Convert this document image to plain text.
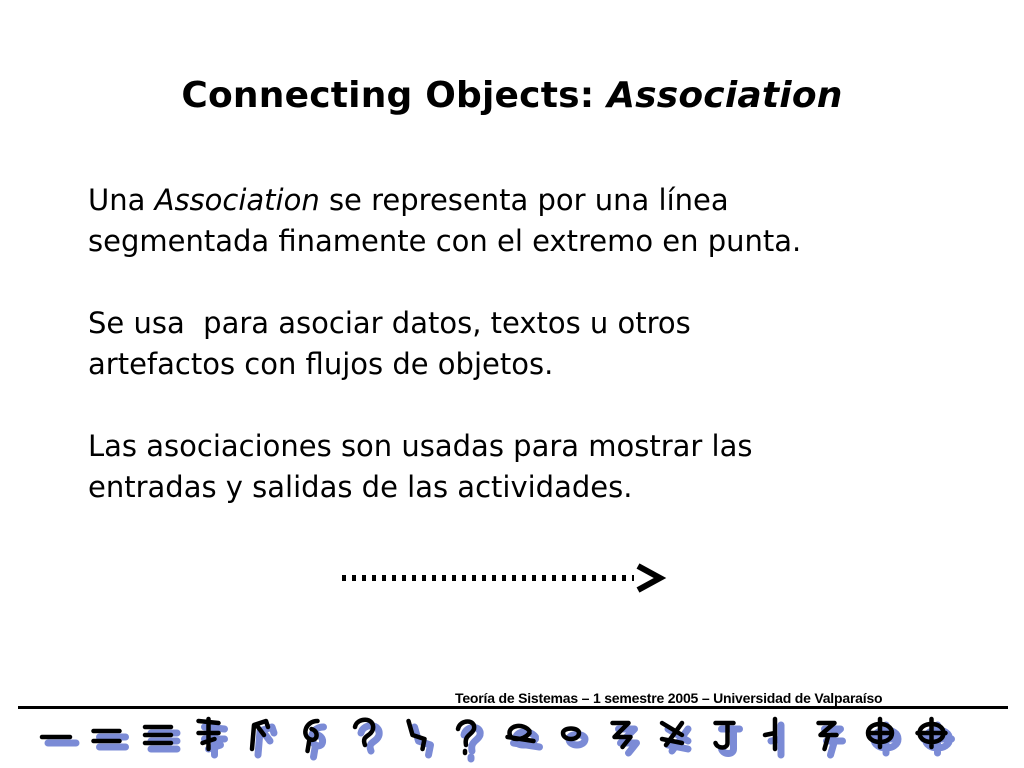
Connecting Objects: Association

Una Association se representa por una línea
segmentada finamente con el extremo en punta.

Se usa  para asociar datos, textos u otros
artefactos con flujos de objetos.

Las asociaciones son usadas para mostrar las
entradas y salidas de las actividades.

Teoría de Sistemas – 1 semestre 2005 – Universidad de Valparaíso
